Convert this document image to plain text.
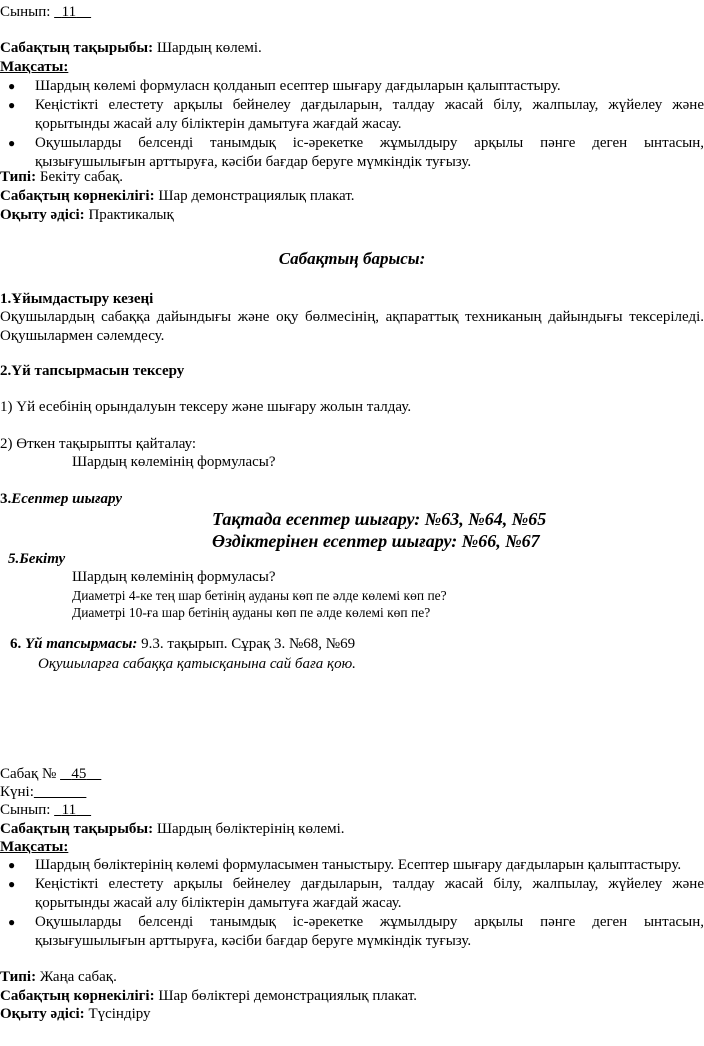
Сынып: 11
Сабақтың тақырыбы: Шардың көлемі.
Мақсаты:
● Шардың көлемі формуласн қолданып есептер шығару дағдыларын қалыптастыру.
● Кеңістікті елестету арқылы бейнелеу дағдыларын, талдау жасай білу, жалпылау, жүйелеу және қорытынды жасай алу біліктерін дамытуға жағдай жасау.
● Оқушыларды белсенді танымдық іс-әрекетке жұмылдыру арқылы пәнге деген ынтасын, қызығушылығын арттыруға, кәсіби бағдар беруге мүмкіндік туғызу.
Типі: Бекіту сабақ.
Сабақтың көрнекілігі: Шар демонстрациялық плакат.
Оқыту әдісі: Практикалық
Сабақтың барысы:
1.Ұйымдастыру кезеңі
Оқушылардың сабаққа дайындығы және оқу бөлмесінің, ақпараттық техниканың дайындығы тексеріледі. Оқушылармен сәлемдесу.
2.Үй тапсырмасын тексеру
1) Үй есебінің орындалуын тексеру және шығару жолын талдау.
2) Өткен тақырыпты қайталау:
Шардың көлемінің формуласы?
3.Есептер шығару
Тақтада есептер шығару: №63, №64, №65
Өздіктерінен есептер шығару: №66, №67
5.Бекіту
Шардың көлемінің формуласы?
Диаметрі 4-ке тең шар бетінің ауданы көп пе әлде көлемі көп пе?
Диаметрі 10-ға шар бетінің ауданы көп пе әлде көлемі көп пе?
6. Үй тапсырмасы: 9.3. тақырып. Сұрақ 3. №68, №69
Оқушыларға сабаққа қатысқанына сай баға қою.
Сабақ № 45
Күні:
Сынып: 11
Сабақтың тақырыбы: Шардың бөліктерінің көлемі.
Мақсаты:
● Шардың бөліктерінің көлемі формуласымен таныстыру. Есептер шығару дағдыларын қалыптастыру.
● Кеңістікті елестету арқылы бейнелеу дағдыларын, талдау жасай білу, жалпылау, жүйелеу және қорытынды жасай алу біліктерін дамытуға жағдай жасау.
● Оқушыларды белсенді танымдық іс-әрекетке жұмылдыру арқылы пәнге деген ынтасын, қызығушылығын арттыруға, кәсіби бағдар беруге мүмкіндік туғызу.
Типі: Жаңа сабақ.
Сабақтың көрнекілігі: Шар бөліктері демонстрациялық плакат.
Оқыту әдісі: Түсіндіру
